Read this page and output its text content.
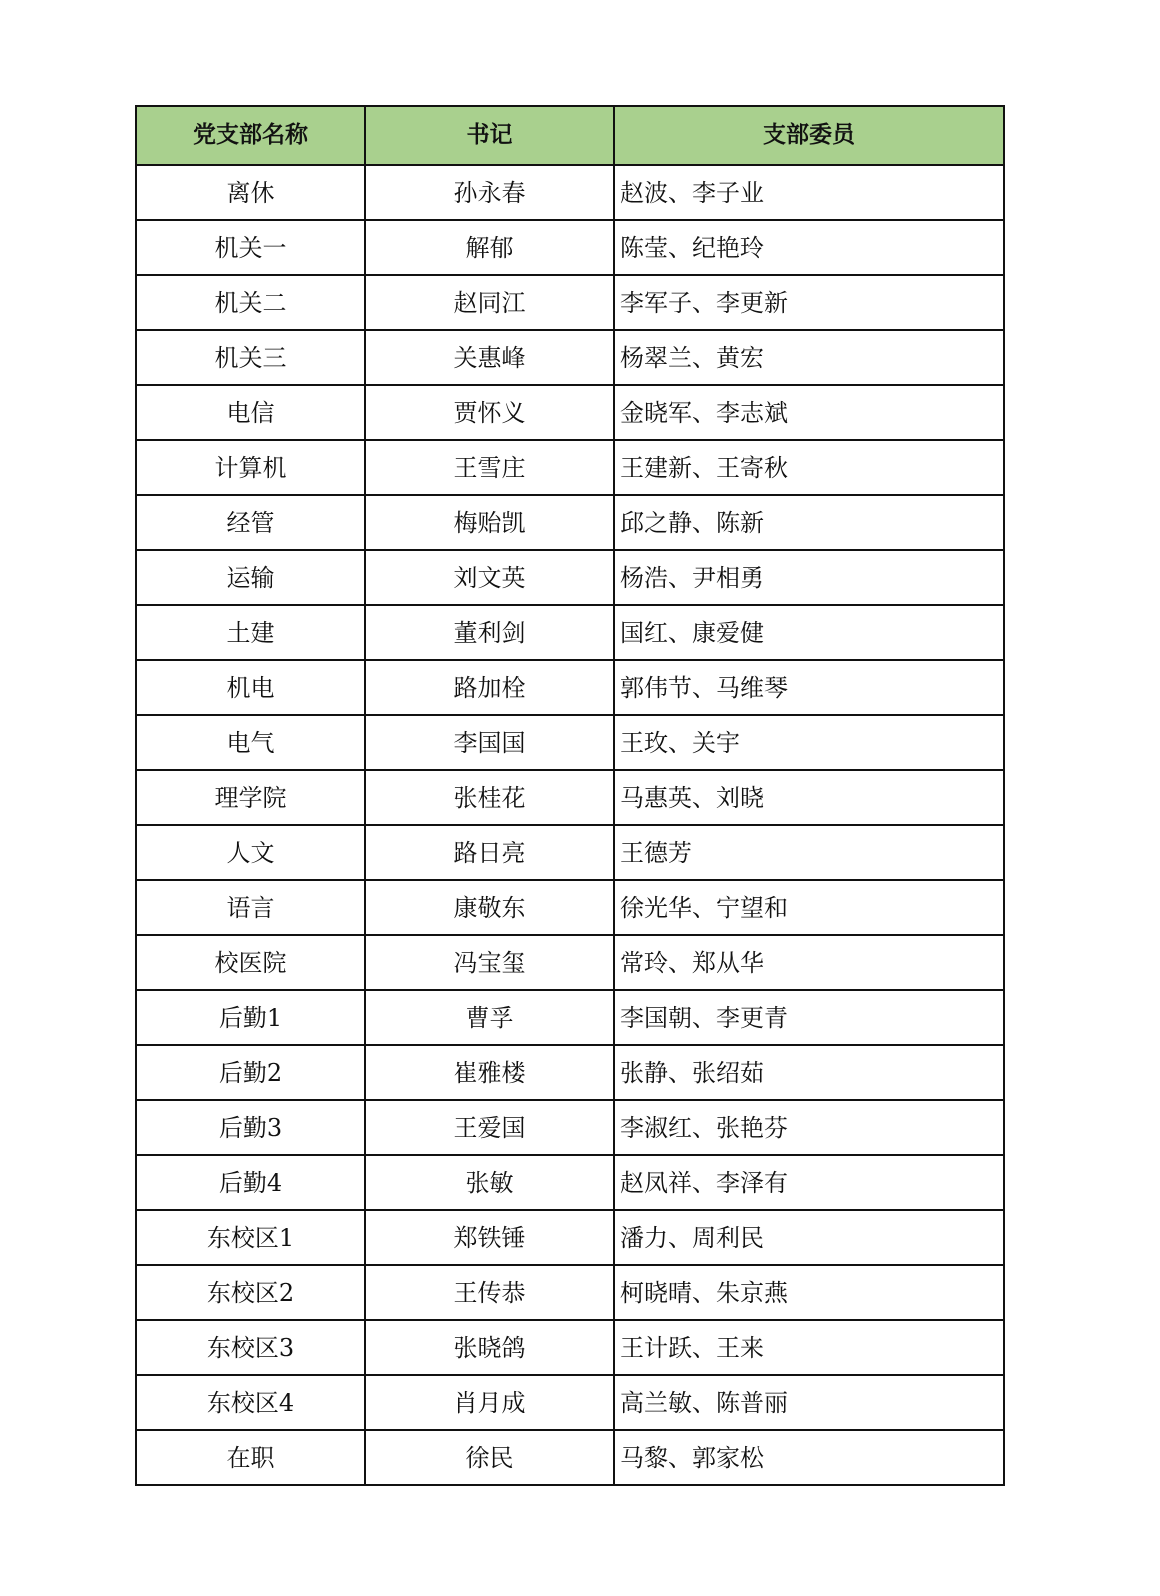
党支部名称	书记	支部委员
离休	孙永春	赵波、李子业
机关一	解郁	陈莹、纪艳玲
机关二	赵同江	李军子、李更新
机关三	关惠峰	杨翠兰、黄宏
电信	贾怀义	金晓军、李志斌
计算机	王雪庄	王建新、王寄秋
经管	梅贻凯	邱之静、陈新
运输	刘文英	杨浩、尹相勇
土建	董利剑	国红、康爱健
机电	路加栓	郭伟节、马维琴
电气	李国国	王玫、关宇
理学院	张桂花	马惠英、刘晓
人文	路日亮	王德芳
语言	康敬东	徐光华、宁望和
校医院	冯宝玺	常玲、郑从华
后勤1	曹孚	李国朝、李更青
后勤2	崔雅楼	张静、张绍茹
后勤3	王爱国	李淑红、张艳芬
后勤4	张敏	赵凤祥、李泽有
东校区1	郑铁锤	潘力、周利民
东校区2	王传恭	柯晓晴、朱京燕
东校区3	张晓鸽	王计跃、王来
东校区4	肖月成	高兰敏、陈普丽
在职	徐民	马黎、郭家松
